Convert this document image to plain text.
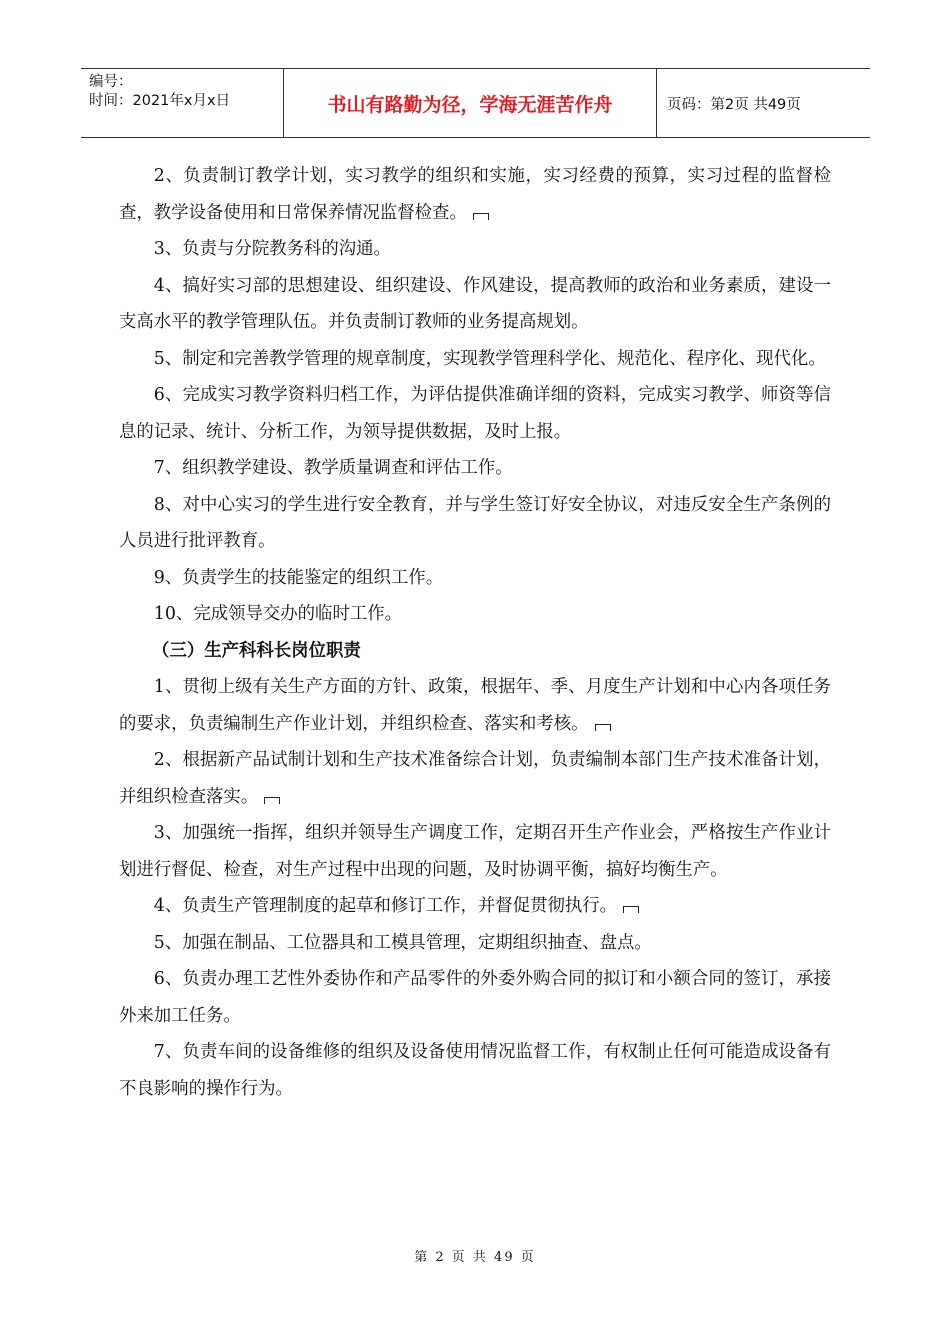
编号：
时间：2021年x月x日	书山有路勤为径，学海无涯苦作舟	页码：第2页 共49页

2、负责制订教学计划，实习教学的组织和实施，实习经费的预算，实习过程的监督检查，教学设备使用和日常保养情况监督检查。

3、负责与分院教务科的沟通。

4、搞好实习部的思想建设、组织建设、作风建设，提高教师的政治和业务素质，建设一支高水平的教学管理队伍。并负责制订教师的业务提高规划。

5、制定和完善教学管理的规章制度，实现教学管理科学化、规范化、程序化、现代化。

6、完成实习教学资料归档工作，为评估提供准确详细的资料，完成实习教学、师资等信息的记录、统计、分析工作，为领导提供数据，及时上报。

7、组织教学建设、教学质量调查和评估工作。

8、对中心实习的学生进行安全教育，并与学生签订好安全协议，对违反安全生产条例的人员进行批评教育。

9、负责学生的技能鉴定的组织工作。

10、完成领导交办的临时工作。

（三）生产科科长岗位职责

1、贯彻上级有关生产方面的方针、政策，根据年、季、月度生产计划和中心内各项任务的要求，负责编制生产作业计划，并组织检查、落实和考核。

2、根据新产品试制计划和生产技术准备综合计划，负责编制本部门生产技术准备计划，并组织检查落实。

3、加强统一指挥，组织并领导生产调度工作，定期召开生产作业会，严格按生产作业计划进行督促、检查，对生产过程中出现的问题，及时协调平衡，搞好均衡生产。

4、负责生产管理制度的起草和修订工作，并督促贯彻执行。

5、加强在制品、工位器具和工模具管理，定期组织抽查、盘点。

6、负责办理工艺性外委协作和产品零件的外委外购合同的拟订和小额合同的签订，承接外来加工任务。

7、负责车间的设备维修的组织及设备使用情况监督工作，有权制止任何可能造成设备有不良影响的操作行为。

第 2 页 共 49 页
